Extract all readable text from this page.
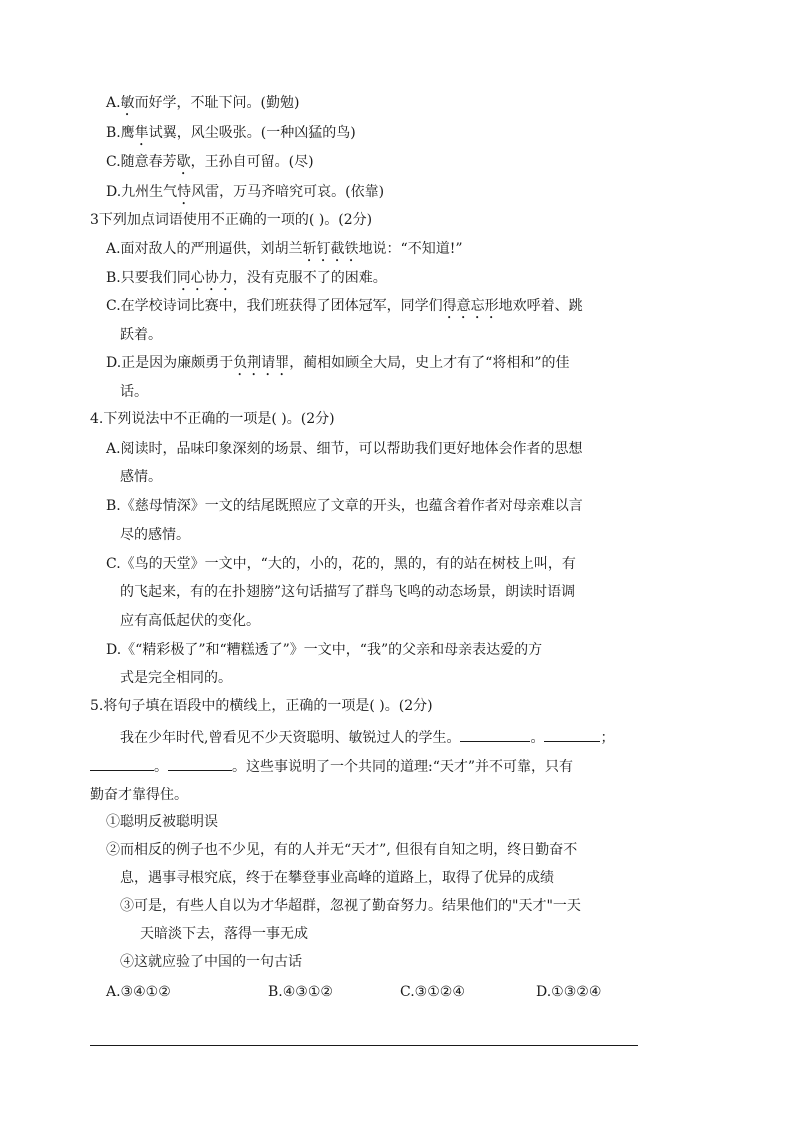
A.敏而好学，不耻下问。(勤勉)
B.鹰隼试翼，风尘吸张。(一种凶猛的鸟)
C.随意春芳歇，王孙自可留。(尽)
D.九州生气恃风雷，万马齐喑究可哀。(依靠)
3下列加点词语使用不正确的一项的( )。(2分)
A.面对敌人的严刑逼供，刘胡兰斩钉截铁地说：“不知道!”
B.只要我们同心协力，没有克服不了的困难。
C.在学校诗词比赛中，我们班获得了团体冠军，同学们得意忘形地欢呼着、跳
跃着。
D.正是因为廉颇勇于负荆请罪，蔺相如顾全大局，史上才有了“将相和”的佳
话。
4.下列说法中不正确的一项是( )。(2分)
A.阅读时，品味印象深刻的场景、细节，可以帮助我们更好地体会作者的思想
感情。
B.《慈母情深》一文的结尾既照应了文章的开头，也蕴含着作者对母亲难以言
尽的感情。
C.《鸟的天堂》一文中，“大的，小的，花的，黑的，有的站在树枝上叫，有
的飞起来，有的在扑翅膀”这句话描写了群鸟飞鸣的动态场景，朗读时语调
应有高低起伏的变化。
D.《“精彩极了”和“糟糕透了”》一文中，“我”的父亲和母亲表达爱的方
式是完全相同的。
5.将句子填在语段中的横线上，正确的一项是( )。(2分)
我在少年时代,曾看见不少天资聪明、敏锐过人的学生。	。	；
。	。这些事说明了一个共同的道理:“天才”并不可靠，只有
勤奋才靠得住。
①聪明反被聪明误
②而相反的例子也不少见，有的人并无“天才”, 但很有自知之明，终日勤奋不
息，遇事寻根究底，终于在攀登事业高峰的道路上，取得了优异的成绩
③可是，有些人自以为才华超群，忽视了勤奋努力。结果他们的"天才"一天
天暗淡下去，落得一事无成
④这就应验了中国的一句古话
A.③④①②	B.④③①②	C.③①②④	D.①③②④
